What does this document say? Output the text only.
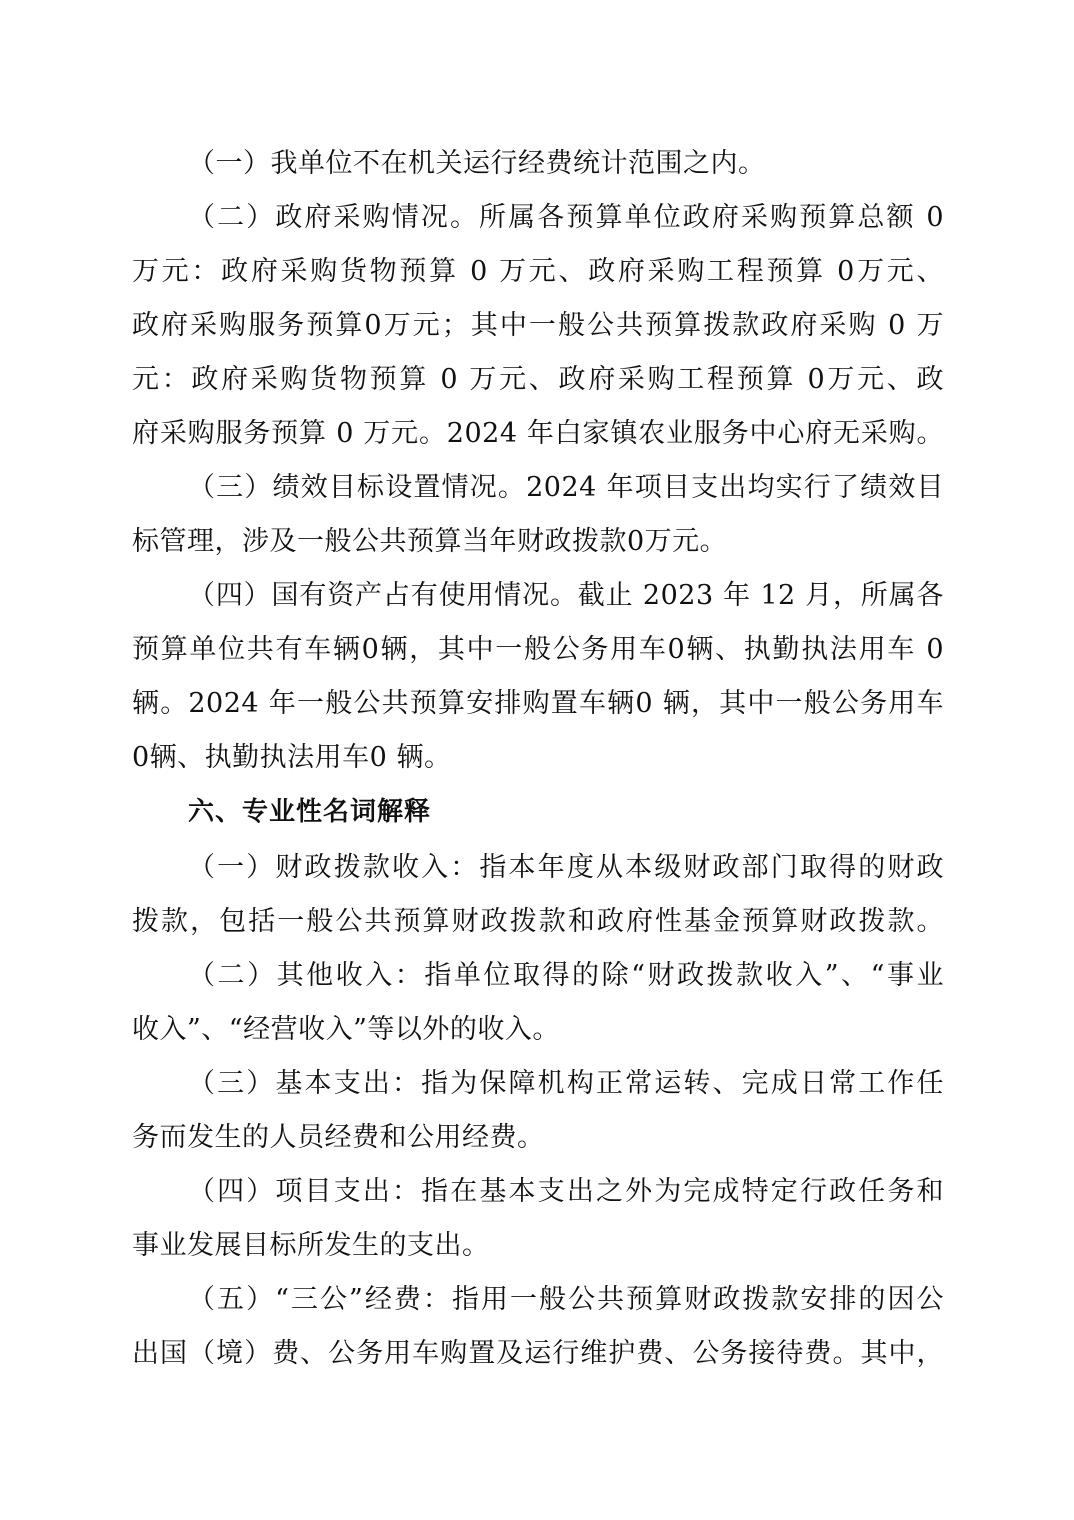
（一）我单位不在机关运行经费统计范围之内。
（二）政府采购情况。所属各预算单位政府采购预算总额 0
万元：政府采购货物预算 0 万元、政府采购工程预算 0万元、
政府采购服务预算0万元；其中一般公共预算拨款政府采购 0 万
元：政府采购货物预算 0 万元、政府采购工程预算 0万元、政
府采购服务预算 0 万元。2024 年白家镇农业服务中心府无采购。
（三）绩效目标设置情况。2024 年项目支出均实行了绩效目
标管理，涉及一般公共预算当年财政拨款0万元。
（四）国有资产占有使用情况。截止 2023 年 12 月，所属各
预算单位共有车辆0辆，其中一般公务用车0辆、执勤执法用车 0
辆。2024 年一般公共预算安排购置车辆0 辆，其中一般公务用车
0辆、执勤执法用车0 辆。
六、专业性名词解释
（一）财政拨款收入：指本年度从本级财政部门取得的财政
拨款，包括一般公共预算财政拨款和政府性基金预算财政拨款。
（二）其他收入：指单位取得的除“财政拨款收入”、“事业
收入”、“经营收入”等以外的收入。
（三）基本支出：指为保障机构正常运转、完成日常工作任
务而发生的人员经费和公用经费。
（四）项目支出：指在基本支出之外为完成特定行政任务和
事业发展目标所发生的支出。
（五）“三公”经费：指用一般公共预算财政拨款安排的因公
出国（境）费、公务用车购置及运行维护费、公务接待费。其中，
